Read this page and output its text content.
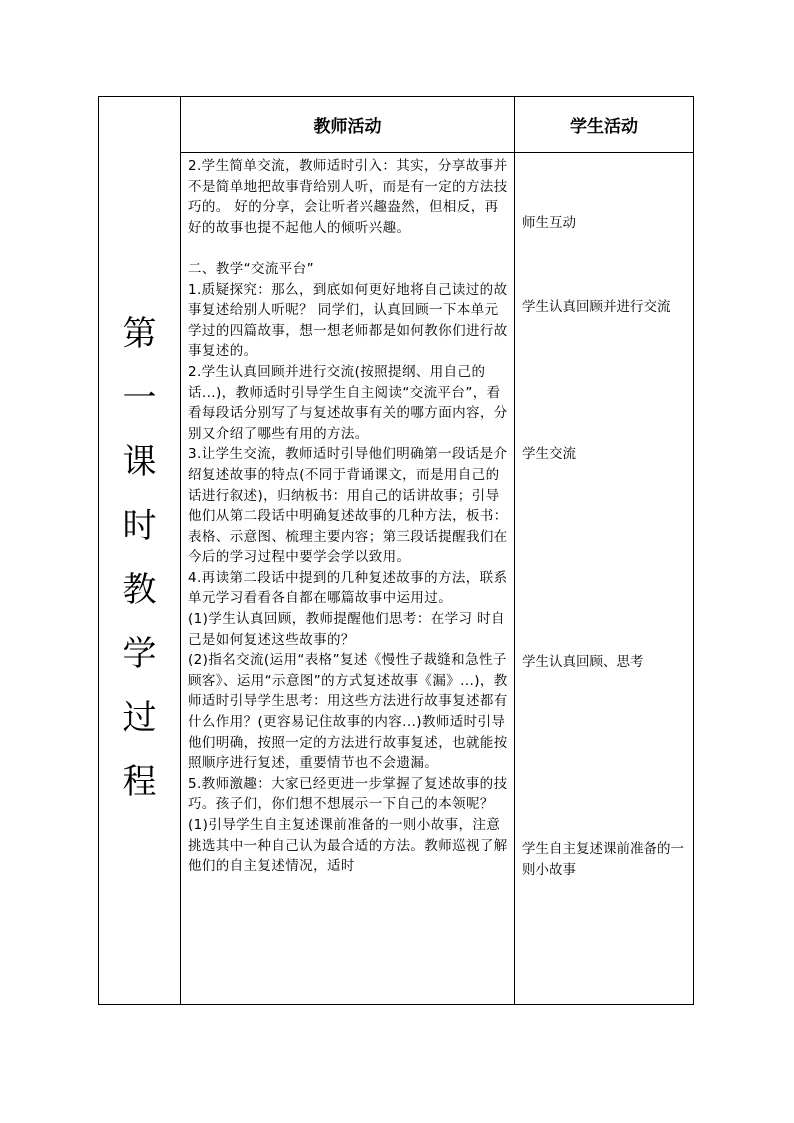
教师活动	学生活动
第
一
课
时
教
学
过
程

2.学生简单交流，教师适时引入：其实，分享故事并不是简单地把故事背给别人听，而是有一定的方法技巧的。 好的分享，会让听者兴趣盎然，但相反，再好的故事也提不起他人的倾听兴趣。

二、教学“交流平台”

1.质疑探究：那么，到底如何更好地将自己读过的故事复述给别人听呢？ 同学们，认真回顾一下本单元学过的四篇故事，想一想老师都是如何教你们进行故事复述的。

2.学生认真回顾并进行交流(按照提纲、用自己的话...)，教师适时引导学生自主阅读“交流平台”，看看每段话分别写了与复述故事有关的哪方面内容，分别又介绍了哪些有用的方法。

3.让学生交流，教师适时引导他们明确第一段话是介绍复述故事的特点(不同于背诵课文，而是用自己的话进行叙述)，归纳板书：用自己的话讲故事；引导他们从第二段话中明确复述故事的几种方法，板书：表格、示意图、梳理主要内容；第三段话提醒我们在今后的学习过程中要学会学以致用。

4.再读第二段话中提到的几种复述故事的方法，联系单元学习看看各自都在哪篇故事中运用过。

(1)学生认真回顾，教师提醒他们思考：在学习 时自己是如何复述这些故事的？

(2)指名交流(运用“表格”复述《慢性子裁缝和急性子顾客》、运用“示意图”的方式复述故事《漏》...)，教师适时引导学生思考：用这些方法进行故事复述都有什么作用？(更容易记住故事的内容...)教师适时引导他们明确，按照一定的方法进行故事复述，也就能按照顺序进行复述，重要情节也不会遗漏。

5.教师激趣：大家已经更进一步掌握了复述故事的技巧。孩子们，你们想不想展示一下自己的本领呢？

(1)引导学生自主复述课前准备的一则小故事，注意挑选其中一种自己认为最合适的方法。教师巡视了解他们的自主复述情况，适时

师生互动
学生认真回顾并进行交流
学生交流
学生认真回顾、思考
学生自主复述课前准备的一则小故事
